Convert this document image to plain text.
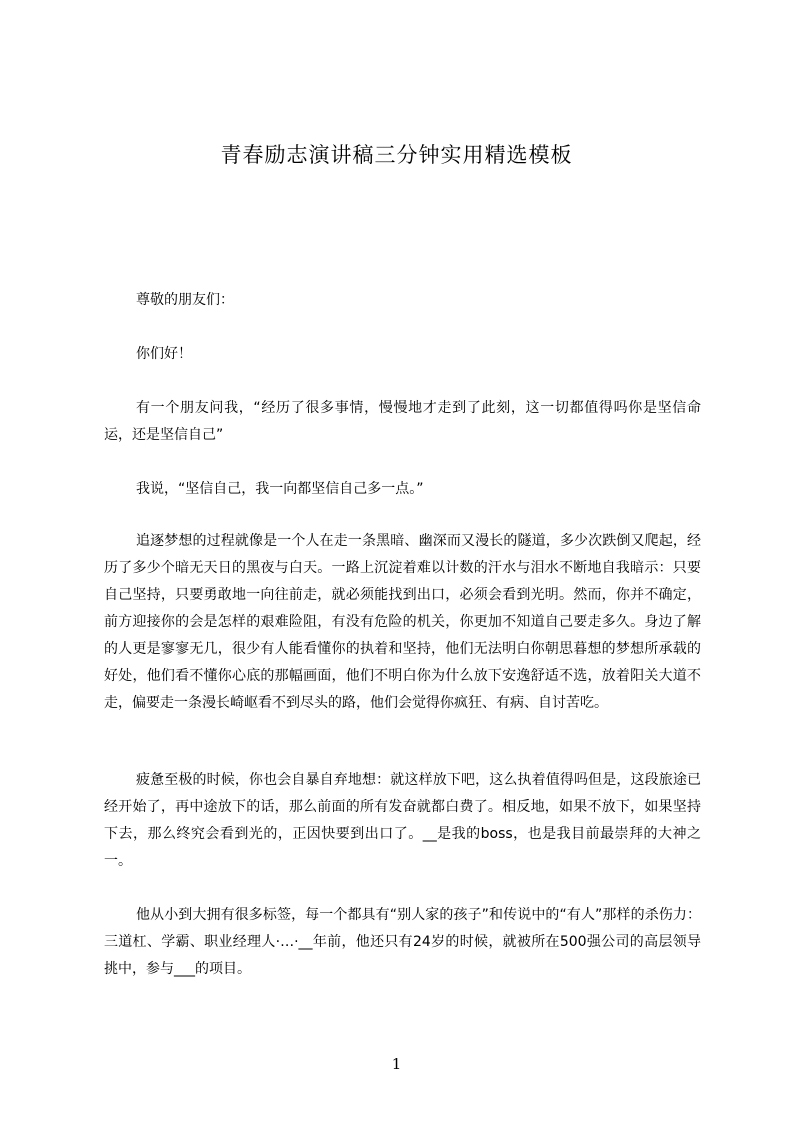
青春励志演讲稿三分钟实用精选模板

尊敬的朋友们：

你们好！

有一个朋友问我，“经历了很多事情，慢慢地才走到了此刻，这一切都值得吗你是坚信命运，还是坚信自己”

我说，“坚信自己，我一向都坚信自己多一点。”

追逐梦想的过程就像是一个人在走一条黑暗、幽深而又漫长的隧道，多少次跌倒又爬起，经历了多少个暗无天日的黑夜与白天。一路上沉淀着难以计数的汗水与泪水不断地自我暗示：只要自己坚持，只要勇敢地一向往前走，就必须能找到出口，必须会看到光明。然而，你并不确定，前方迎接你的会是怎样的艰难险阻，有没有危险的机关，你更加不知道自己要走多久。身边了解的人更是寥寥无几，很少有人能看懂你的执着和坚持，他们无法明白你朝思暮想的梦想所承载的好处，他们看不懂你心底的那幅画面，他们不明白你为什么放下安逸舒适不选，放着阳关大道不走，偏要走一条漫长崎岖看不到尽头的路，他们会觉得你疯狂、有病、自讨苦吃。

疲惫至极的时候，你也会自暴自弃地想：就这样放下吧，这么执着值得吗但是，这段旅途已经开始了，再中途放下的话，那么前面的所有发奋就都白费了。相反地，如果不放下，如果坚持下去，那么终究会看到光的，正因快要到出口了。__是我的boss，也是我目前最崇拜的大神之一。

他从小到大拥有很多标签，每一个都具有“别人家的孩子”和传说中的“有人”那样的杀伤力：三道杠、学霸、职业经理人·…·__年前，他还只有24岁的时候，就被所在500强公司的高层领导挑中，参与___的项目。

1
